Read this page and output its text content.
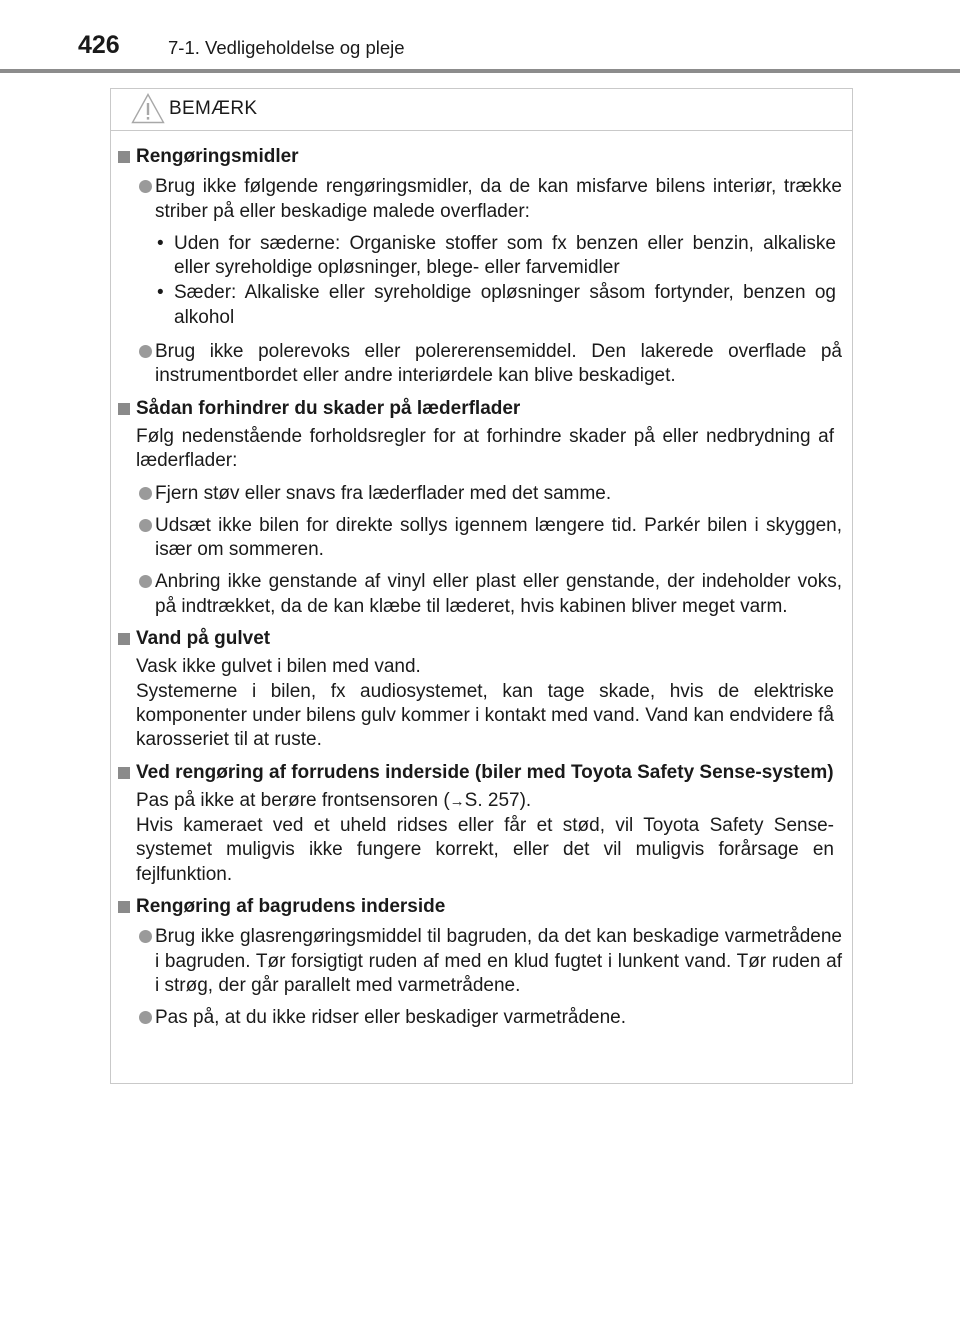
426	7-1. Vedligeholdelse og pleje
BEMÆRK
Rengøringsmidler
Brug ikke følgende rengøringsmidler, da de kan misfarve bilens interiør, trække striber på eller beskadige malede overflader:
• Uden for sæderne: Organiske stoffer som fx benzen eller benzin, alkaliske eller syreholdige opløsninger, blege- eller farvemidler
• Sæder: Alkaliske eller syreholdige opløsninger såsom fortynder, benzen og alkohol
Brug ikke polerevoks eller polererensemiddel. Den lakerede overflade på instrumentbordet eller andre interiørdele kan blive beskadiget.
Sådan forhindrer du skader på læderflader
Følg nedenstående forholdsregler for at forhindre skader på eller nedbrydning af læderflader:
Fjern støv eller snavs fra læderflader med det samme.
Udsæt ikke bilen for direkte sollys igennem længere tid. Parkér bilen i skyggen, især om sommeren.
Anbring ikke genstande af vinyl eller plast eller genstande, der indeholder voks, på indtrækket, da de kan klæbe til læderet, hvis kabinen bliver meget varm.
Vand på gulvet
Vask ikke gulvet i bilen med vand.
Systemerne i bilen, fx audiosystemet, kan tage skade, hvis de elektriske komponenter under bilens gulv kommer i kontakt med vand. Vand kan endvidere få karosseriet til at ruste.
Ved rengøring af forrudens inderside (biler med Toyota Safety Sense-system)
Pas på ikke at berøre frontsensoren (→S. 257).
Hvis kameraet ved et uheld ridses eller får et stød, vil Toyota Safety Sense-systemet muligvis ikke fungere korrekt, eller det vil muligvis forårsage en fejlfunktion.
Rengøring af bagrudens inderside
Brug ikke glasrengøringsmiddel til bagruden, da det kan beskadige varmetrådene i bagruden. Tør forsigtigt ruden af med en klud fugtet i lunkent vand. Tør ruden af i strøg, der går parallelt med varmetrådene.
Pas på, at du ikke ridser eller beskadiger varmetrådene.
